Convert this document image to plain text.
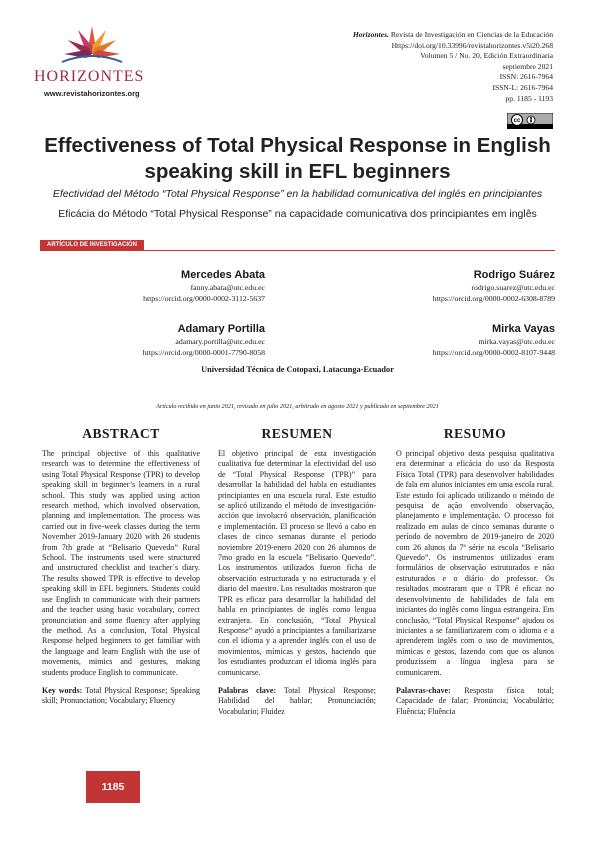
HORIZONTES
www.revistahorizontes.org
Horizontes. Revista de Investigación en Ciencias de la Educación
Https://doi.org/10.33996/revistahorizontes.v5i20.268
Volumen 5 / No. 20, Edición Extraordinaria
septiembre 2021
ISSN: 2616-7964
ISSN-L: 2616-7964
pp. 1185 - 1193
cc
Effectiveness of Total Physical Response in English speaking skill in EFL beginners
Efectividad del Método “Total Physical Response” en la habilidad comunicativa del inglés en principiantes
Eficácia do Método “Total Physical Response” na capacidade comunicativa dos principiantes em inglês
ARTÍCULO DE INVESTIGACIÓN
Mercedes Abata
fanny.abata@utc.edu.ec
https://orcid.org/0000-0002-3112-5637
Rodrigo Suárez
rodrigo.suarez@utc.edu.ec
https://orcid.org/0000-0002-6308-8789
Adamary Portilla
adamary.portilla@utc.edu.ec
https://orcid.org/0000-0001-7790-8058
Mirka Vayas
mirka.vayas@utc.edu.ec
https://orcid.org/0000-0002-8107-9448
Universidad Técnica de Cotopaxi, Latacunga-Ecuador
Artículo recibido en junio 2021, revisado en julio 2021, arbitrado en agosto 2021 y publicado en septiembre 2021
ABSTRACT

The principal objective of this qualitative research was to determine the effectiveness of using Total Physical Response (TPR) to develop speaking skill in beginner’s learners in a rural school. This study was applied using action research method, which involved observation, planning and implementation. The process was carried out in five-week classes during the term November 2019-January 2020 with 26 students from 7th grade at “Belisario Quevedo” Rural School. The instruments used were structured and unstructured checklist and teacher´s diary. The results showed TPR is effective to develop speaking skill in EFL beginners. Students could use English to communicate with their partners and the teacher using basic vocabulary, correct pronunciation and some fluency after applying the method. As a conclusion, Total Physical Response helped beginners to get familiar with the language and learn English with the use of movements, mimics and gestures, making students produce English to communicate.

Key words: Total Physical Response; Speaking skill; Pronunciation; Vocabulary; Fluency

RESUMEN

El objetivo principal de esta investigación cualitativa fue determinar la efectividad del uso de “Total Physical Response (TPR)” para desarrollar la habilidad del habla en estudiantes principiantes en una escuela rural. Este estudio se aplicó utilizando el método de investigación-acción que involucró observación, planificación e implementación. El proceso se llevó a cabo en clases de cinco semanas durante el periodo noviembre 2019-enero 2020 con 26 alumnos de 7mo grado en la escuela “Belisario Quevedo”. Los instrumentos utilizados fueron ficha de observación estructurada y no estructurada y el diario del maestro. Los resultados mostraron que TPR es eficaz para desarrollar la habilidad del habla en principiantes de inglés como lengua extranjera. En conclusión, “Total Physical Response” ayudó a principiantes a familiarizarse con el idioma y a aprender inglés con el uso de movimientos, mímicas y gestos, haciendo que los estudiantes produzcan el idioma inglés para comunicarse.

Palabras clave: Total Physical Response; Habilidad del hablar; Pronunciación; Vocabulario; Fluidez

RESUMO

O principal objetivo desta pesquisa qualitativa era determinar a eficácia do uso da Resposta Física Total (TPR) para desenvolver habilidades de fala em alunos iniciantes em uma escola rural. Este estudo foi aplicado utilizando o método de pesquisa de ação envolvendo observação, planejamento e implementação. O processo foi realizado em aulas de cinco semanas durante o período de novembro de 2019-janeiro de 2020 com 26 alunos da 7ª série na escola “Belisario Quevedo”. Os instrumentos utilizados eram formulários de observação estruturados e não estruturados e o diário do professor. Os resultados mostraram que o TPR é eficaz no desenvolvimento de habilidades de fala em iniciantes do inglês como língua estrangeira. Em conclusão, “Total Physical Response” ajudou os iniciantes a se familiarizarem com o idioma e a aprenderem inglês com o uso de movimentos, mímicas e gestos, fazendo com que os alunos produzissem a língua inglesa para se comunicarem.

Palavras-chave: Resposta física total; Capacidade de falar; Pronúncia; Vocabulário; Fluência; Fluência

1185
